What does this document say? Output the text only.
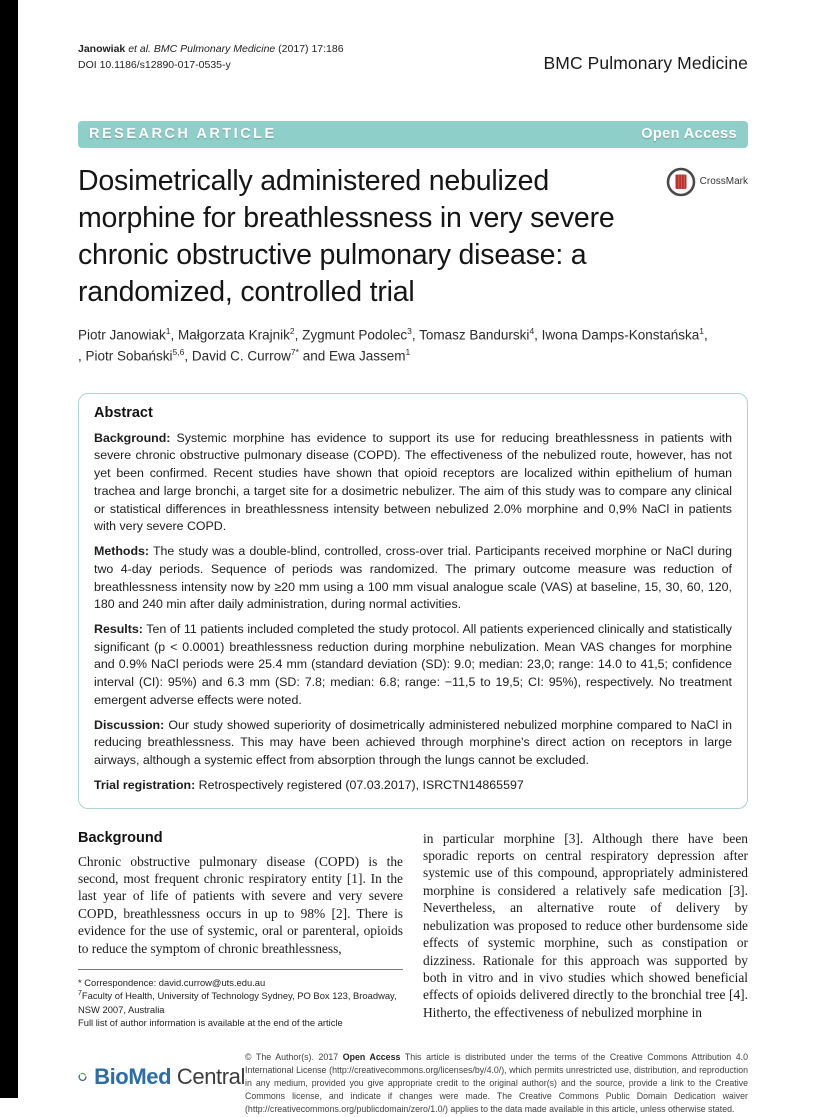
Janowiak et al. BMC Pulmonary Medicine (2017) 17:186
DOI 10.1186/s12890-017-0535-y	BMC Pulmonary Medicine
RESEARCH ARTICLE	Open Access
Dosimetrically administered nebulized morphine for breathlessness in very severe chronic obstructive pulmonary disease: a randomized, controlled trial
CrossMark
Piotr Janowiak$^1$, Małgorzata Krajnik$^2$, Zygmunt Podolec$^3$, Tomasz Bandurski$^4$, Iwona Damps-Konstańska$^1$,
, Piotr Sobański$^{5,6}$, David C. Currow$^{7*}$ and Ewa Jassem$^1$
Abstract

Background: Systemic morphine has evidence to support its use for reducing breathlessness in patients with severe chronic obstructive pulmonary disease (COPD). The effectiveness of the nebulized route, however, has not yet been confirmed. Recent studies have shown that opioid receptors are localized within epithelium of human trachea and large bronchi, a target site for a dosimetric nebulizer. The aim of this study was to compare any clinical or statistical differences in breathlessness intensity between nebulized 2.0% morphine and 0,9% NaCl in patients with very severe COPD.

Methods: The study was a double-blind, controlled, cross-over trial. Participants received morphine or NaCl during two 4-day periods. Sequence of periods was randomized. The primary outcome measure was reduction of breathlessness intensity now by ≥20 mm using a 100 mm visual analogue scale (VAS) at baseline, 15, 30, 60, 120, 180 and 240 min after daily administration, during normal activities.

Results: Ten of 11 patients included completed the study protocol. All patients experienced clinically and statistically significant (p < 0.0001) breathlessness reduction during morphine nebulization. Mean VAS changes for morphine and 0.9% NaCl periods were 25.4 mm (standard deviation (SD): 9.0; median: 23,0; range: 14.0 to 41,5; confidence interval (CI): 95%) and 6.3 mm (SD: 7.8; median: 6.8; range: −11,5 to 19,5; CI: 95%), respectively. No treatment emergent adverse effects were noted.

Discussion: Our study showed superiority of dosimetrically administered nebulized morphine compared to NaCl in reducing breathlessness. This may have been achieved through morphine's direct action on receptors in large airways, although a systemic effect from absorption through the lungs cannot be excluded.

Trial registration: Retrospectively registered (07.03.2017), ISRCTN14865597

Background

Chronic obstructive pulmonary disease (COPD) is the second, most frequent chronic respiratory entity [1]. In the last year of life of patients with severe and very severe COPD, breathlessness occurs in up to 98% [2]. There is evidence for the use of systemic, oral or parenteral, opioids to reduce the symptom of chronic breathlessness,

* Correspondence: david.currow@uts.edu.au
$^7$Faculty of Health, University of Technology Sydney, PO Box 123, Broadway, NSW 2007, Australia
Full list of author information is available at the end of the article

in particular morphine [3]. Although there have been sporadic reports on central respiratory depression after systemic use of this compound, appropriately administered morphine is considered a relatively safe medication [3]. Nevertheless, an alternative route of delivery by nebulization was proposed to reduce other burdensome side effects of systemic morphine, such as constipation or dizziness. Rationale for this approach was supported by both in vitro and in vivo studies which showed beneficial effects of opioids delivered directly to the bronchial tree [4]. Hitherto, the effectiveness of nebulized morphine in

BioMed Central
© The Author(s). 2017 Open Access This article is distributed under the terms of the Creative Commons Attribution 4.0 International License (http://creativecommons.org/licenses/by/4.0/), which permits unrestricted use, distribution, and reproduction in any medium, provided you give appropriate credit to the original author(s) and the source, provide a link to the Creative Commons license, and indicate if changes were made. The Creative Commons Public Domain Dedication waiver (http://creativecommons.org/publicdomain/zero/1.0/) applies to the data made available in this article, unless otherwise stated.
